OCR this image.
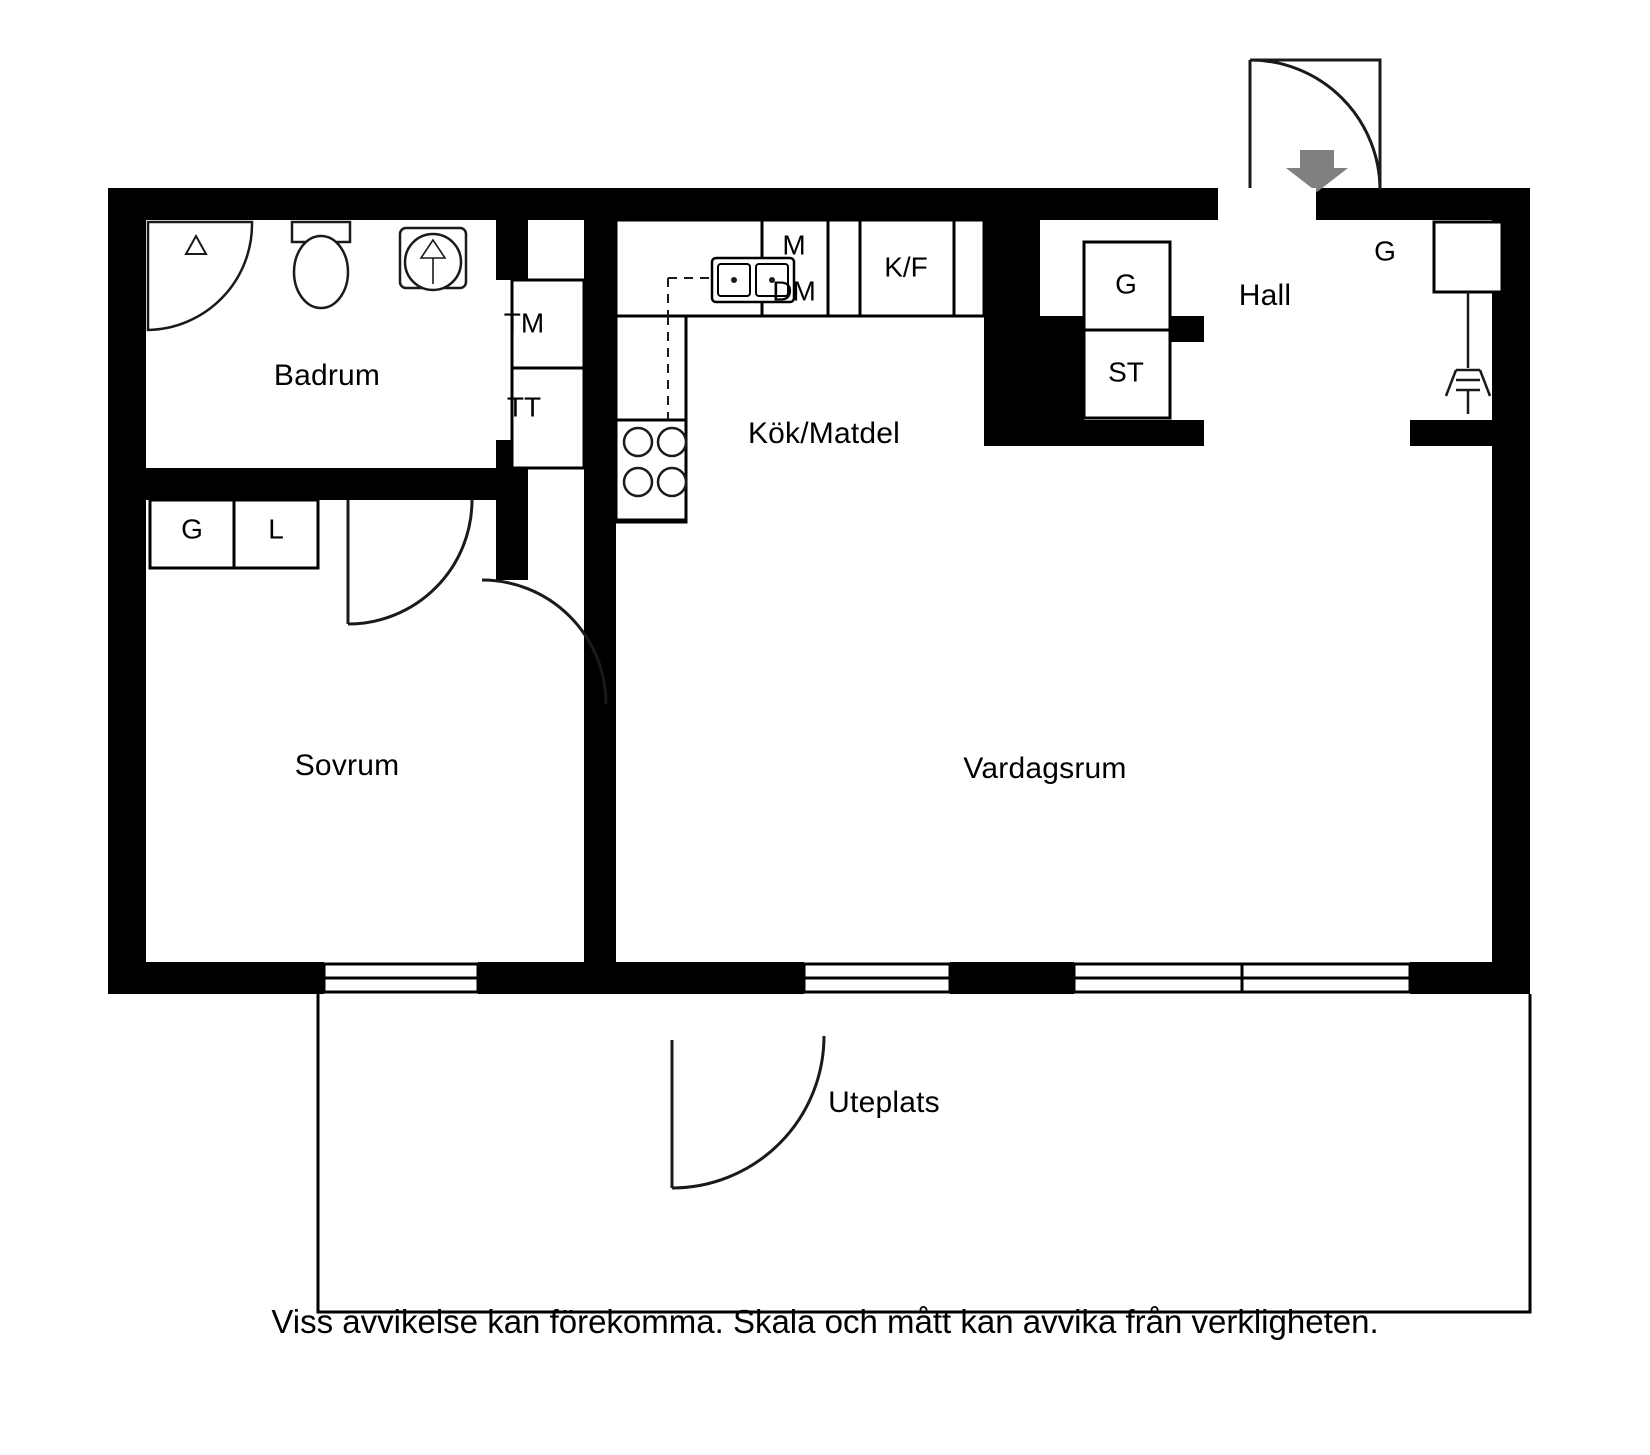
Badrum
Kök/Matdel
Hall
Sovrum	Vardagsrum
Uteplats
TM
TT
M
DM
K/F
G
ST
G
G L
Viss avvikelse kan förekomma. Skala och mått kan avvika från verkligheten.
